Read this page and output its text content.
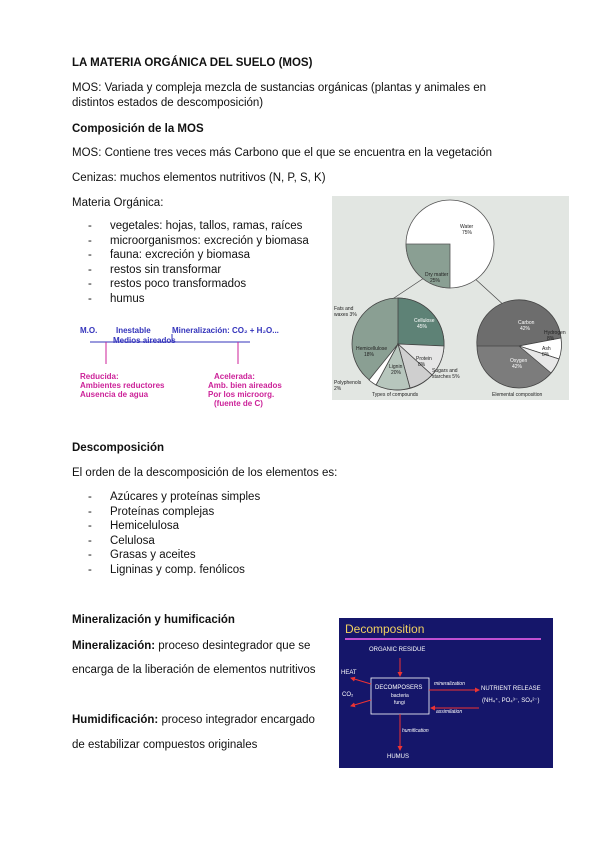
LA MATERIA ORGÁNICA DEL SUELO (MOS)
MOS: Variada y compleja mezcla de sustancias orgánicas (plantas y animales en distintos estados de descomposición)
Composición de la MOS
MOS: Contiene tres veces más Carbono que el que se encuentra en la vegetación
Cenizas: muchos elementos nutritivos (N, P, S, K)
Materia Orgánica:
- vegetales: hojas, tallos, ramas, raíces
- microorganismos: excreción y biomasa
- fauna: excreción y biomasa
- restos sin transformar
- restos poco transformados
- humus
M.O. Inestable
Medios aireados
Mineralización: CO₂ + H₂O...
Reducida:
Ambientes reductores
Ausencia de agua
Acelerada:
Amb. bien aireados
Por los microorg.
(fuente de C)
Water
75%
Dry matter
25%
Cellulose
45%
Hemicellulose
18%
Lignin
20%
Protein
8%
Fats and waxes 3%
Sugars and starches 5%
Polyphenols 2%
Carbon
42%
Hydrogen
8%
Ash
8%
Oxygen
42%
Types of compounds	Elemental composition
Descomposición
El orden de la descomposición de los elementos es:
- Azúcares y proteínas simples
- Proteínas complejas
- Hemicelulosa
- Celulosa
- Grasas y aceites
- Ligninas y comp. fenólicos
Mineralización y humificación
Mineralización: proceso desintegrador que se
encarga de la liberación de elementos nutritivos
Humidificación: proceso integrador encargado
de estabilizar compuestos originales
Decomposition
ORGANIC RESIDUE
HEAT
CO₂
DECOMPOSERS
bacteria
fungi
mineralization
assimilation
NUTRIENT RELEASE
(NH₄⁺, PO₄³⁻, SO₄²⁻)
humification
HUMUS
